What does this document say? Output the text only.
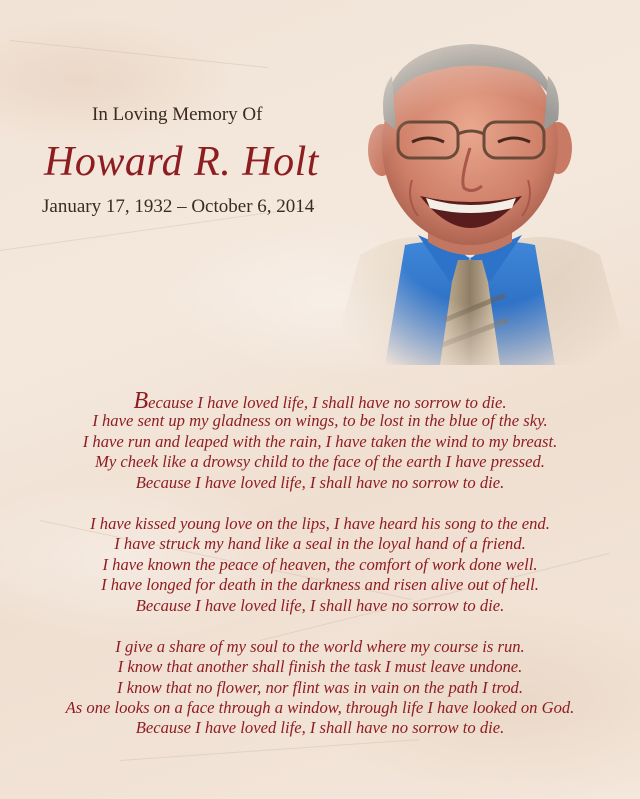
In Loving Memory Of
Howard R. Holt
January 17, 1932 – October 6, 2014
Because I have loved life, I shall have no sorrow to die.
I have sent up my gladness on wings, to be lost in the blue of the sky.
I have run and leaped with the rain, I have taken the wind to my breast.
My cheek like a drowsy child to the face of the earth I have pressed.
Because I have loved life, I shall have no sorrow to die.
I have kissed young love on the lips, I have heard his song to the end.
I have struck my hand like a seal in the loyal hand of a friend.
I have known the peace of heaven, the comfort of work done well.
I have longed for death in the darkness and risen alive out of hell.
Because I have loved life, I shall have no sorrow to die.
I give a share of my soul to the world where my course is run.
I know that another shall finish the task I must leave undone.
I know that no flower, nor flint was in vain on the path I trod.
As one looks on a face through a window, through life I have looked on God.
Because I have loved life, I shall have no sorrow to die.
